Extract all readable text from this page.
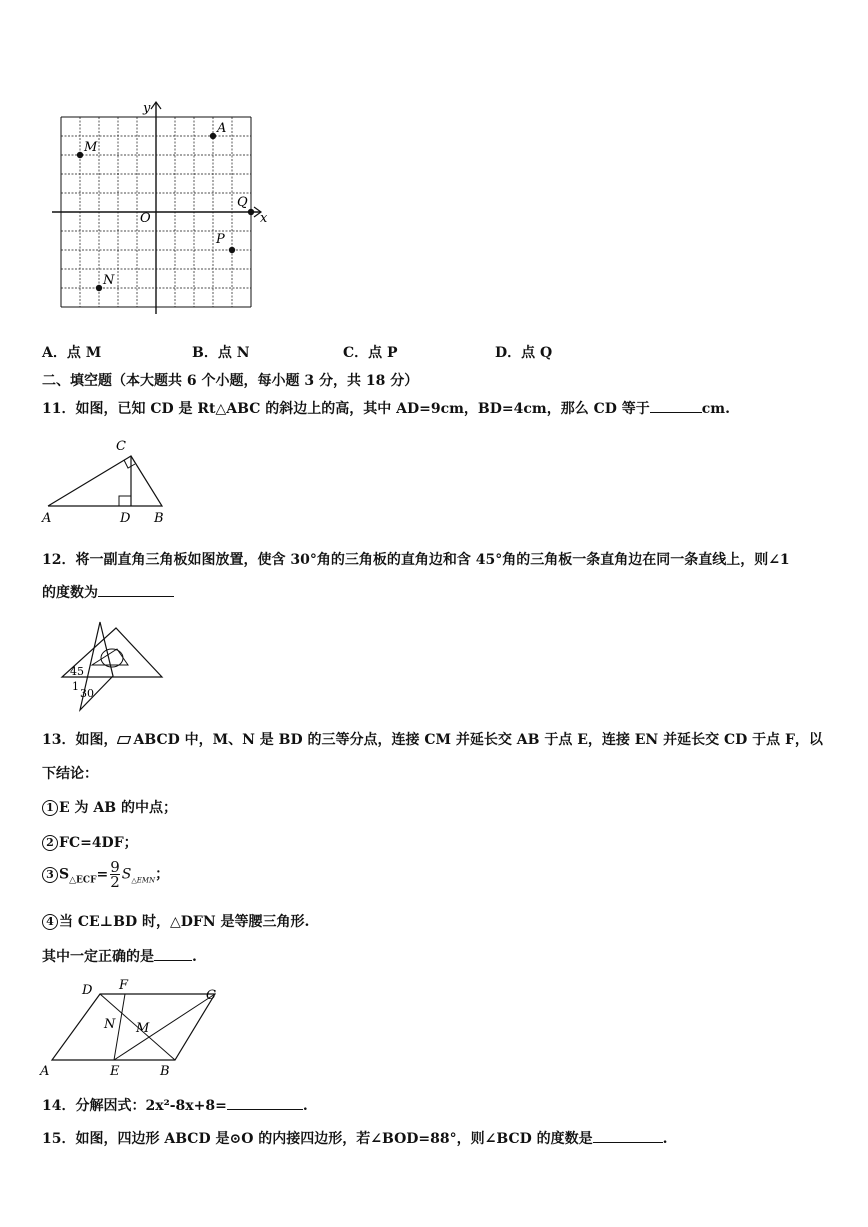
A
M
Q
P
N
y
x
O
A．点 M	B．点 N	C．点 P	D．点 Q
二、填空题（本大题共 6 个小题，每小题 3 分，共 18 分）
11．如图，已知 CD 是 Rt△ABC 的斜边上的高，其中 AD=9cm，BD=4cm，那么 CD 等于	cm.
C
A	D B
12．将一副直角三角板如图放置，使含 30°角的三角板的直角边和含 45°角的三角板一条直角边在同一条直线上，则∠1
的度数为
45
1
30
13．如图， ABCD 中，M、N 是 BD 的三等分点，连接 CM 并延长交 AB 于点 E，连接 EN 并延长交 CD 于点 F，以
下结论：
1 E 为 AB 的中点；
2 FC=4DF；
3 $S_{\triangle ECF}= \frac{9}{2} S_{\triangle EMN}$；
4 当 CE⊥BD 时，△DFN 是等腰三角形.
其中一定正确的是	.
D F
C
N M
A	E	B
14．分解因式：2x²-8x+8=	.
15．如图，四边形 ABCD 是⊙O 的内接四边形，若∠BOD=88°，则∠BCD 的度数是	.
